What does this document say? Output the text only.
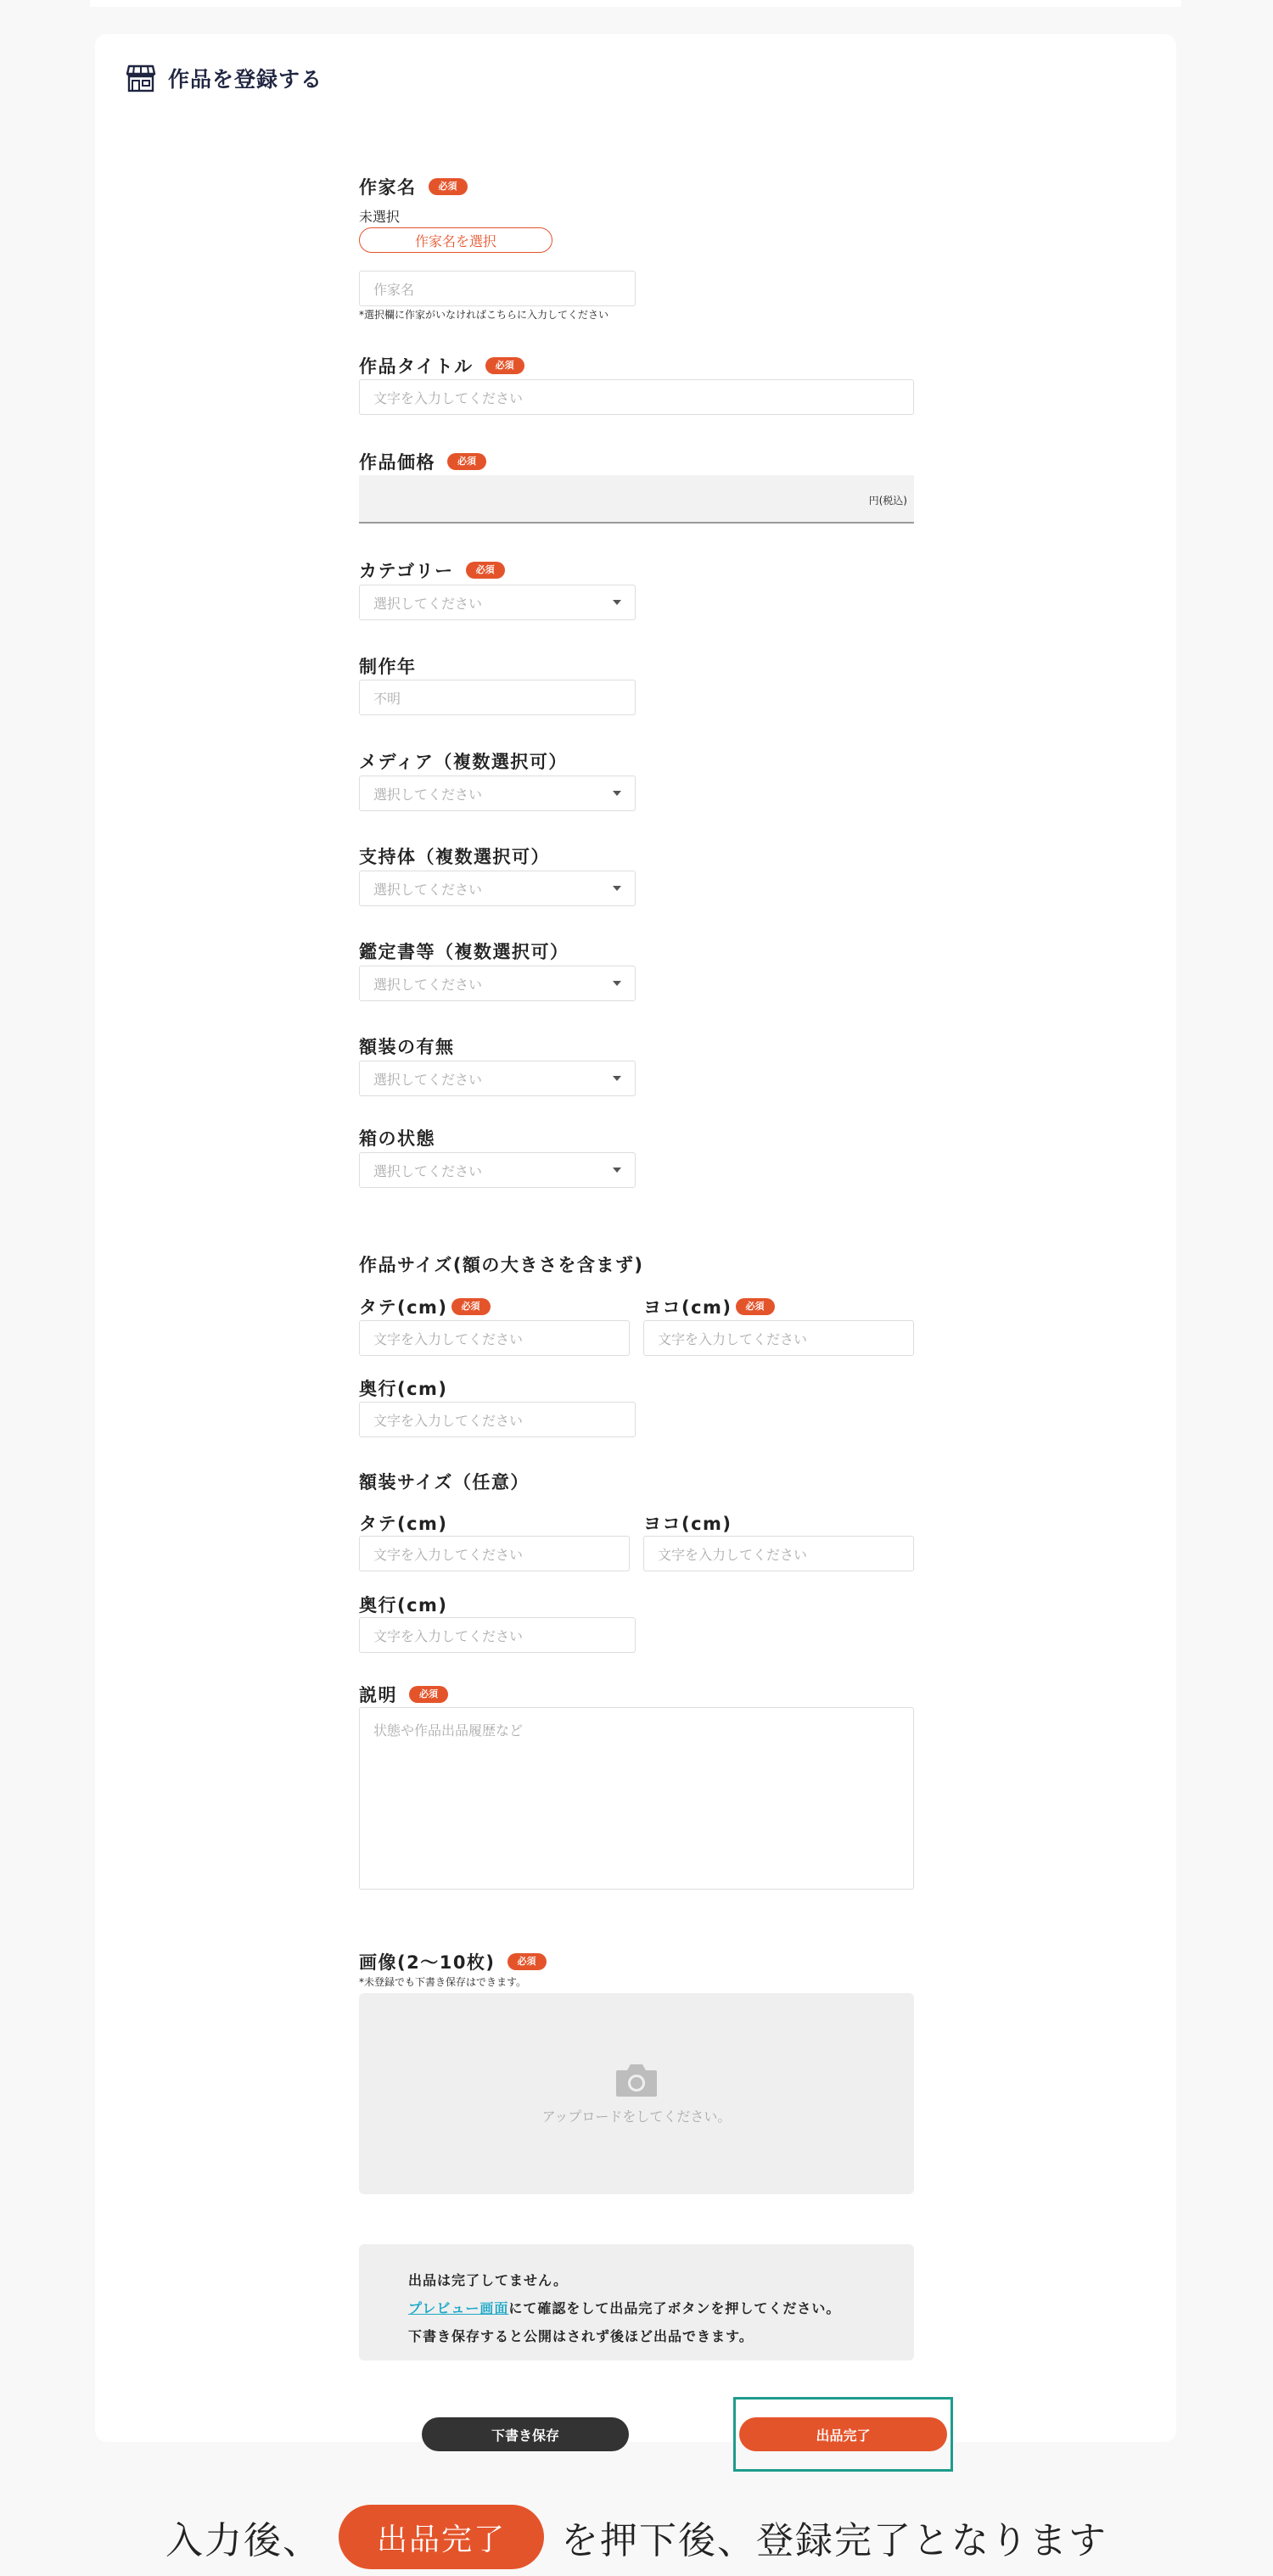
作品を登録する
作家名	必須
未選択
作家名を選択
作家名
*選択欄に作家がいなければこちらに入力してください
作品タイトル	必須
文字を入力してください
作品価格	必須
円(税込)
カテゴリー	必須
選択してください
制作年
不明
メディア（複数選択可）
選択してください
支持体（複数選択可）
選択してください
鑑定書等（複数選択可）
選択してください
額装の有無
選択してください
箱の状態
選択してください
作品サイズ(額の大きさを含まず)
タテ(cm)	必須	ヨコ(cm)	必須
文字を入力してください	文字を入力してください
奥行(cm)
文字を入力してください
額装サイズ（任意）
タテ(cm)	ヨコ(cm)
文字を入力してください	文字を入力してください
奥行(cm)
文字を入力してください
説明	必須
状態や作品出品履歴など
画像(2〜10枚)	必須
*未登録でも下書き保存はできます。
アップロードをしてください。
出品は完了してません。
プレビュー画面にて確認をして出品完了ボタンを押してください。
下書き保存すると公開はされず後ほど出品できます。
下書き保存	出品完了
入力後、	出品完了	を押下後、登録完了となります
